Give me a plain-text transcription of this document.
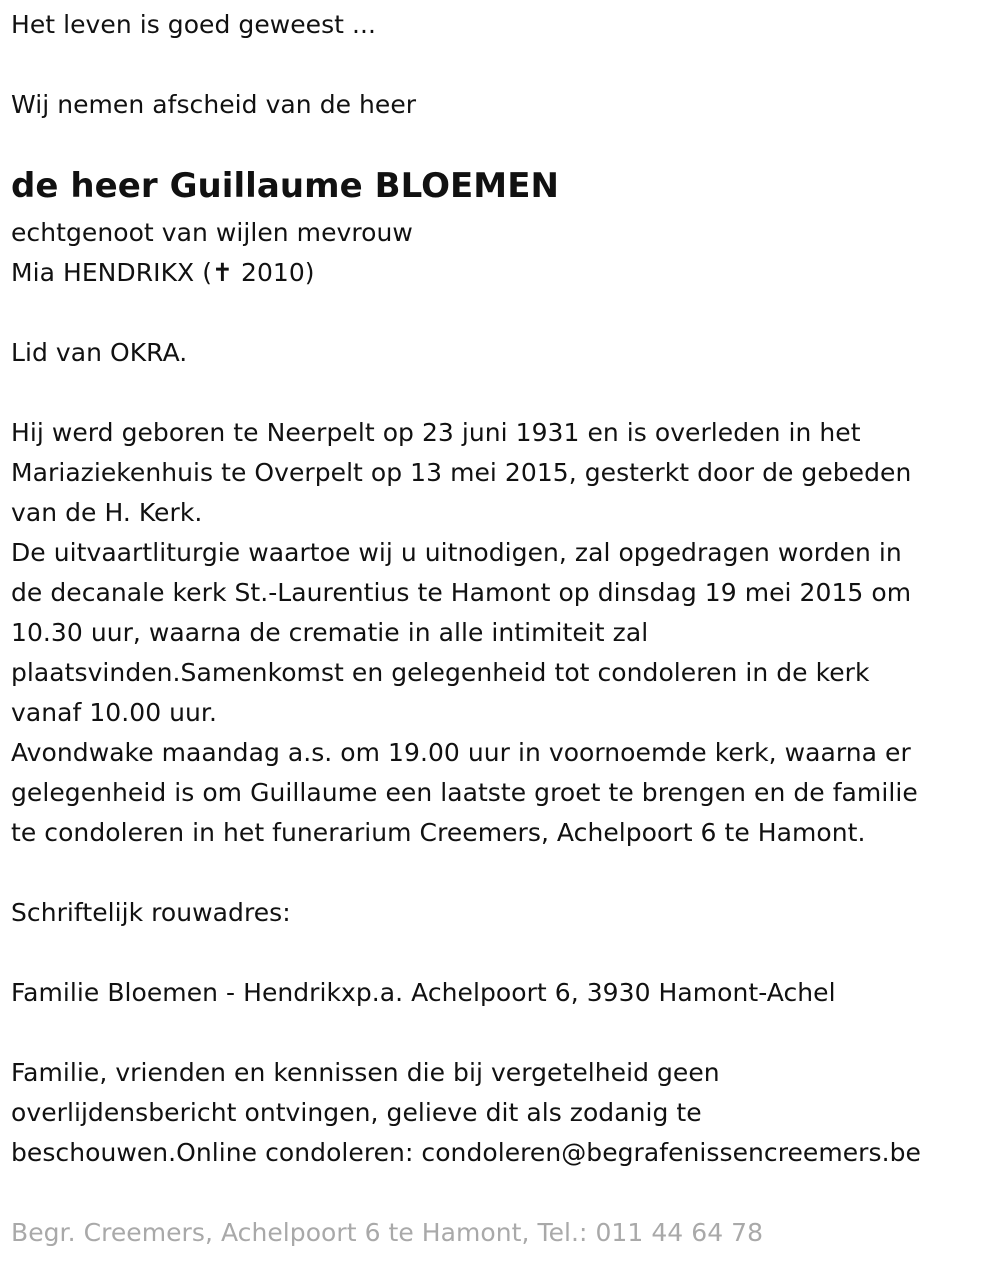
Het leven is goed geweest ...
Wij nemen afscheid van de heer
de heer Guillaume BLOEMEN
echtgenoot van wijlen mevrouw
Mia HENDRIKX (✝ 2010)
Lid van OKRA.
Hij werd geboren te Neerpelt op 23 juni 1931 en is overleden in het
Mariaziekenhuis te Overpelt op 13 mei 2015, gesterkt door de gebeden
van de H. Kerk.
De uitvaartliturgie waartoe wij u uitnodigen, zal opgedragen worden in
de decanale kerk St.-Laurentius te Hamont op dinsdag 19 mei 2015 om
10.30 uur, waarna de crematie in alle intimiteit zal
plaatsvinden.Samenkomst en gelegenheid tot condoleren in de kerk
vanaf 10.00 uur.
Avondwake maandag a.s. om 19.00 uur in voornoemde kerk, waarna er
gelegenheid is om Guillaume een laatste groet te brengen en de familie
te condoleren in het funerarium Creemers, Achelpoort 6 te Hamont.
Schriftelijk rouwadres:
Familie Bloemen - Hendrikxp.a. Achelpoort 6, 3930 Hamont-Achel
Familie, vrienden en kennissen die bij vergetelheid geen
overlijdensbericht ontvingen, gelieve dit als zodanig te
beschouwen.Online condoleren: condoleren@begrafenissencreemers.be
Begr. Creemers, Achelpoort 6 te Hamont, Tel.: 011 44 64 78
